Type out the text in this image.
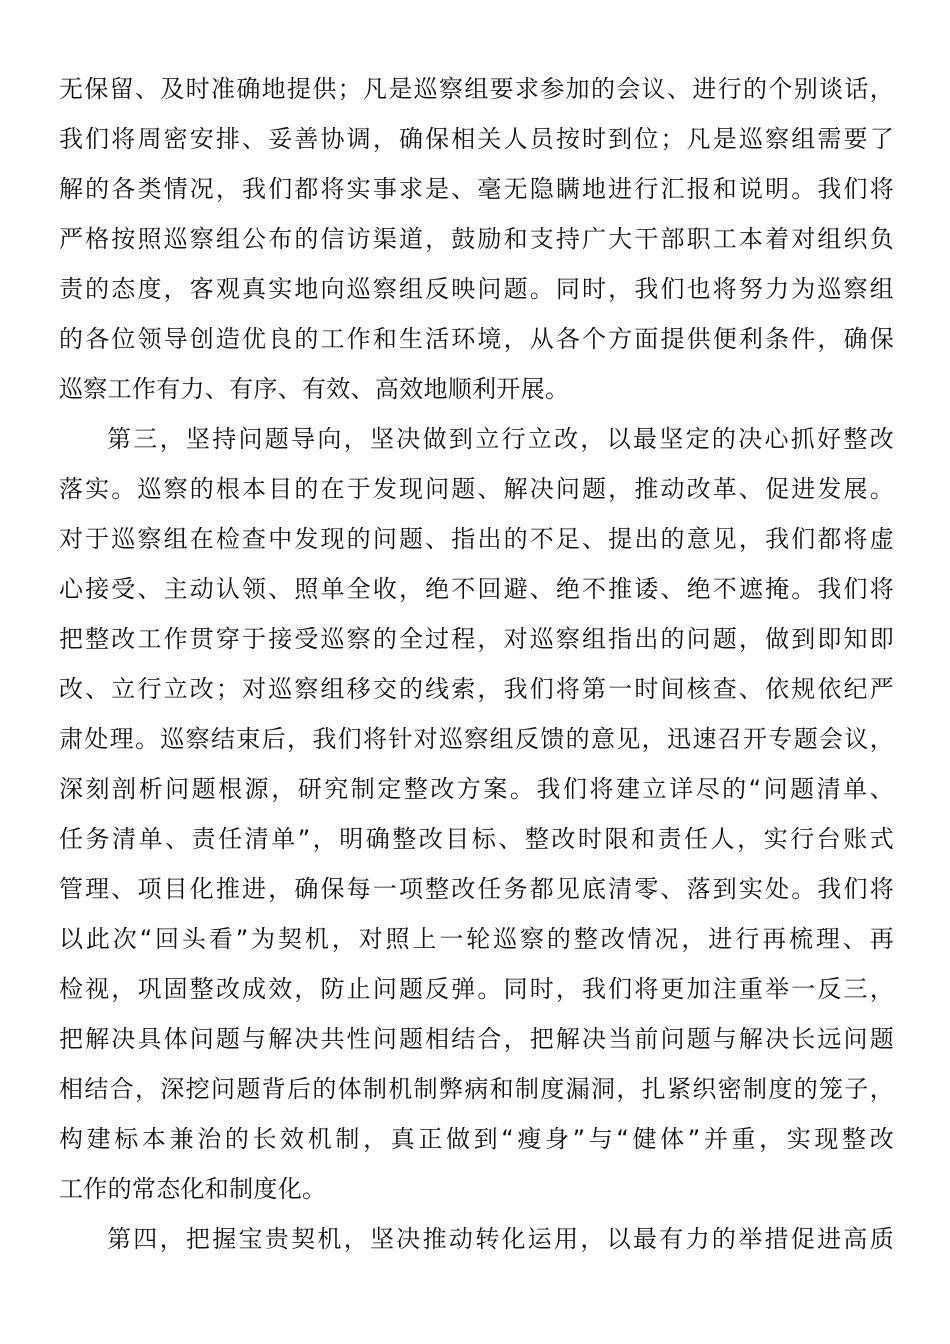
无保留、及时准确地提供；凡是巡察组要求参加的会议、进行的个别谈话，
我们将周密安排、妥善协调，确保相关人员按时到位；凡是巡察组需要了
解的各类情况，我们都将实事求是、毫无隐瞒地进行汇报和说明。我们将
严格按照巡察组公布的信访渠道，鼓励和支持广大干部职工本着对组织负
责的态度，客观真实地向巡察组反映问题。同时，我们也将努力为巡察组
的各位领导创造优良的工作和生活环境，从各个方面提供便利条件，确保
巡察工作有力、有序、有效、高效地顺利开展。
第三，坚持问题导向，坚决做到立行立改，以最坚定的决心抓好整改
落实。巡察的根本目的在于发现问题、解决问题，推动改革、促进发展。
对于巡察组在检查中发现的问题、指出的不足、提出的意见，我们都将虚
心接受、主动认领、照单全收，绝不回避、绝不推诿、绝不遮掩。我们将
把整改工作贯穿于接受巡察的全过程，对巡察组指出的问题，做到即知即
改、立行立改；对巡察组移交的线索，我们将第一时间核查、依规依纪严
肃处理。巡察结束后，我们将针对巡察组反馈的意见，迅速召开专题会议，
深刻剖析问题根源，研究制定整改方案。我们将建立详尽的“问题清单、
任务清单、责任清单”，明确整改目标、整改时限和责任人，实行台账式
管理、项目化推进，确保每一项整改任务都见底清零、落到实处。我们将
以此次“回头看”为契机，对照上一轮巡察的整改情况，进行再梳理、再
检视，巩固整改成效，防止问题反弹。同时，我们将更加注重举一反三，
把解决具体问题与解决共性问题相结合，把解决当前问题与解决长远问题
相结合，深挖问题背后的体制机制弊病和制度漏洞，扎紧织密制度的笼子，
构建标本兼治的长效机制，真正做到“瘦身”与“健体”并重，实现整改
工作的常态化和制度化。
第四，把握宝贵契机，坚决推动转化运用，以最有力的举措促进高质
